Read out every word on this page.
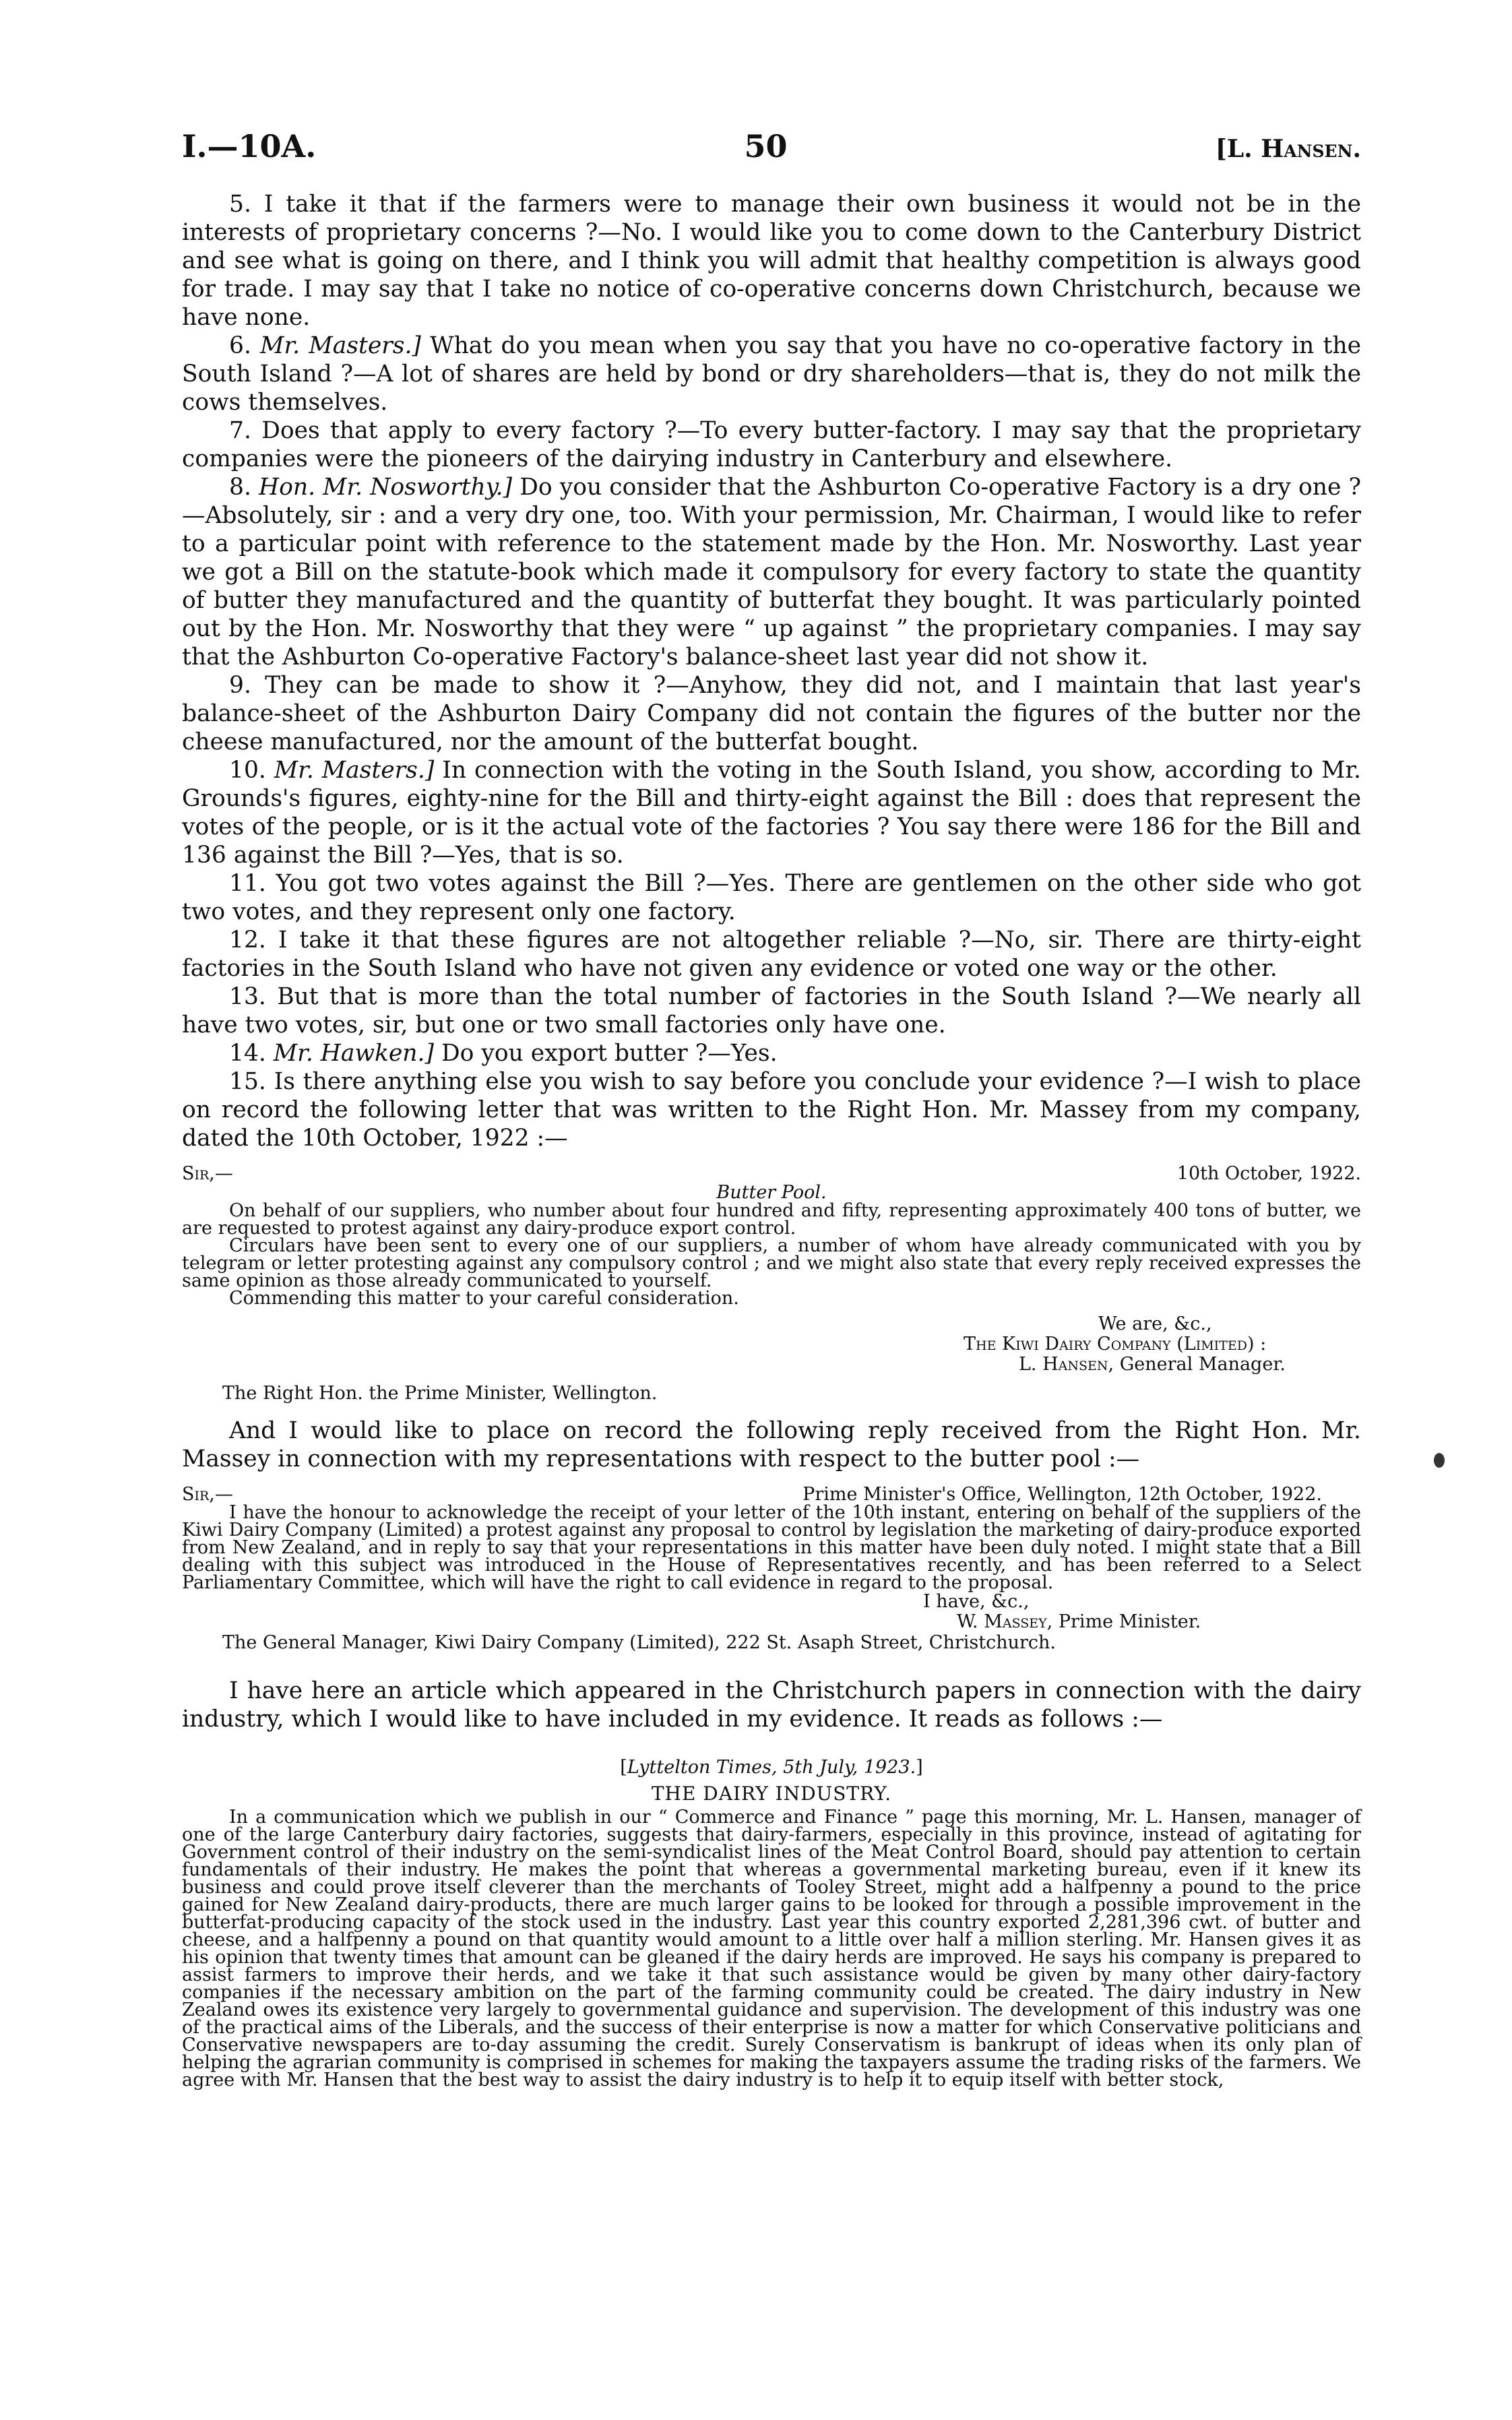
I.—10A.	50	[L. Hansen.

5. I take it that if the farmers were to manage their own business it would not be in the interests of proprietary concerns ?—No. I would like you to come down to the Canterbury District and see what is going on there, and I think you will admit that healthy competition is always good for trade. I may say that I take no notice of co-operative concerns down Christchurch, because we have none.

6. Mr. Masters.] What do you mean when you say that you have no co-operative factory in the South Island ?—A lot of shares are held by bond or dry shareholders—that is, they do not milk the cows themselves.

7. Does that apply to every factory ?—To every butter-factory. I may say that the proprietary companies were the pioneers of the dairying industry in Canterbury and elsewhere.

8. Hon. Mr. Nosworthy.] Do you consider that the Ashburton Co-operative Factory is a dry one ? —Absolutely, sir : and a very dry one, too. With your permission, Mr. Chairman, I would like to refer to a particular point with reference to the statement made by the Hon. Mr. Nosworthy. Last year we got a Bill on the statute-book which made it compulsory for every factory to state the quantity of butter they manufactured and the quantity of butterfat they bought. It was particularly pointed out by the Hon. Mr. Nosworthy that they were “ up against ” the proprietary companies. I may say that the Ashburton Co-operative Factory's balance-sheet last year did not show it.

9. They can be made to show it ?—Anyhow, they did not, and I maintain that last year's balance-sheet of the Ashburton Dairy Company did not contain the figures of the butter nor the cheese manufactured, nor the amount of the butterfat bought.

10. Mr. Masters.] In connection with the voting in the South Island, you show, according to Mr. Grounds's figures, eighty-nine for the Bill and thirty-eight against the Bill : does that represent the votes of the people, or is it the actual vote of the factories ? You say there were 186 for the Bill and 136 against the Bill ?—Yes, that is so.

11. You got two votes against the Bill ?—Yes. There are gentlemen on the other side who got two votes, and they represent only one factory.

12. I take it that these figures are not altogether reliable ?—No, sir. There are thirty-eight factories in the South Island who have not given any evidence or voted one way or the other.

13. But that is more than the total number of factories in the South Island ?—We nearly all have two votes, sir, but one or two small factories only have one.

14. Mr. Hawken.] Do you export butter ?—Yes.

15. Is there anything else you wish to say before you conclude your evidence ?—I wish to place on record the following letter that was written to the Right Hon. Mr. Massey from my company, dated the 10th October, 1922 :—

Sir,—	10th October, 1922.

Butter Pool.

On behalf of our suppliers, who number about four hundred and fifty, representing approximately 400 tons of butter, we are requested to protest against any dairy-produce export control.

Circulars have been sent to every one of our suppliers, a number of whom have already communicated with you by telegram or letter protesting against any compulsory control ; and we might also state that every reply received expresses the same opinion as those already communicated to yourself.

Commending this matter to your careful consideration.

We are, &c.,
The Kiwi Dairy Company (Limited) :
L. Hansen, General Manager.

The Right Hon. the Prime Minister, Wellington.

And I would like to place on record the following reply received from the Right Hon. Mr. Massey in connection with my representations with respect to the butter pool :—

Sir,—	Prime Minister's Office, Wellington, 12th October, 1922.

I have the honour to acknowledge the receipt of your letter of the 10th instant, entering on behalf of the suppliers of the Kiwi Dairy Company (Limited) a protest against any proposal to control by legislation the marketing of dairy-produce exported from New Zealand, and in reply to say that your representations in this matter have been duly noted. I might state that a Bill dealing with this subject was introduced in the House of Representatives recently, and has been referred to a Select Parliamentary Committee, which will have the right to call evidence in regard to the proposal.

I have, &c.,
W. Massey, Prime Minister.

The General Manager, Kiwi Dairy Company (Limited), 222 St. Asaph Street, Christchurch.

I have here an article which appeared in the Christchurch papers in connection with the dairy industry, which I would like to have included in my evidence. It reads as follows :—

[Lyttelton Times, 5th July, 1923.]

THE DAIRY INDUSTRY.

In a communication which we publish in our “ Commerce and Finance ” page this morning, Mr. L. Hansen, manager of one of the large Canterbury dairy factories, suggests that dairy-farmers, especially in this province, instead of agitating for Government control of their industry on the semi-syndicalist lines of the Meat Control Board, should pay attention to certain fundamentals of their industry. He makes the point that whereas a governmental marketing bureau, even if it knew its business and could prove itself cleverer than the merchants of Tooley Street, might add a halfpenny a pound to the price gained for New Zealand dairy-products, there are much larger gains to be looked for through a possible improvement in the butterfat-producing capacity of the stock used in the industry. Last year this country exported 2,281,396 cwt. of butter and cheese, and a halfpenny a pound on that quantity would amount to a little over half a million sterling. Mr. Hansen gives it as his opinion that twenty times that amount can be gleaned if the dairy herds are improved. He says his company is prepared to assist farmers to improve their herds, and we take it that such assistance would be given by many other dairy-factory companies if the necessary ambition on the part of the farming community could be created. The dairy industry in New Zealand owes its existence very largely to governmental guidance and supervision. The development of this industry was one of the practical aims of the Liberals, and the success of their enterprise is now a matter for which Conservative politicians and Conservative newspapers are to-day assuming the credit. Surely Conservatism is bankrupt of ideas when its only plan of helping the agrarian community is comprised in schemes for making the taxpayers assume the trading risks of the farmers. We agree with Mr. Hansen that the best way to assist the dairy industry is to help it to equip itself with better stock,
